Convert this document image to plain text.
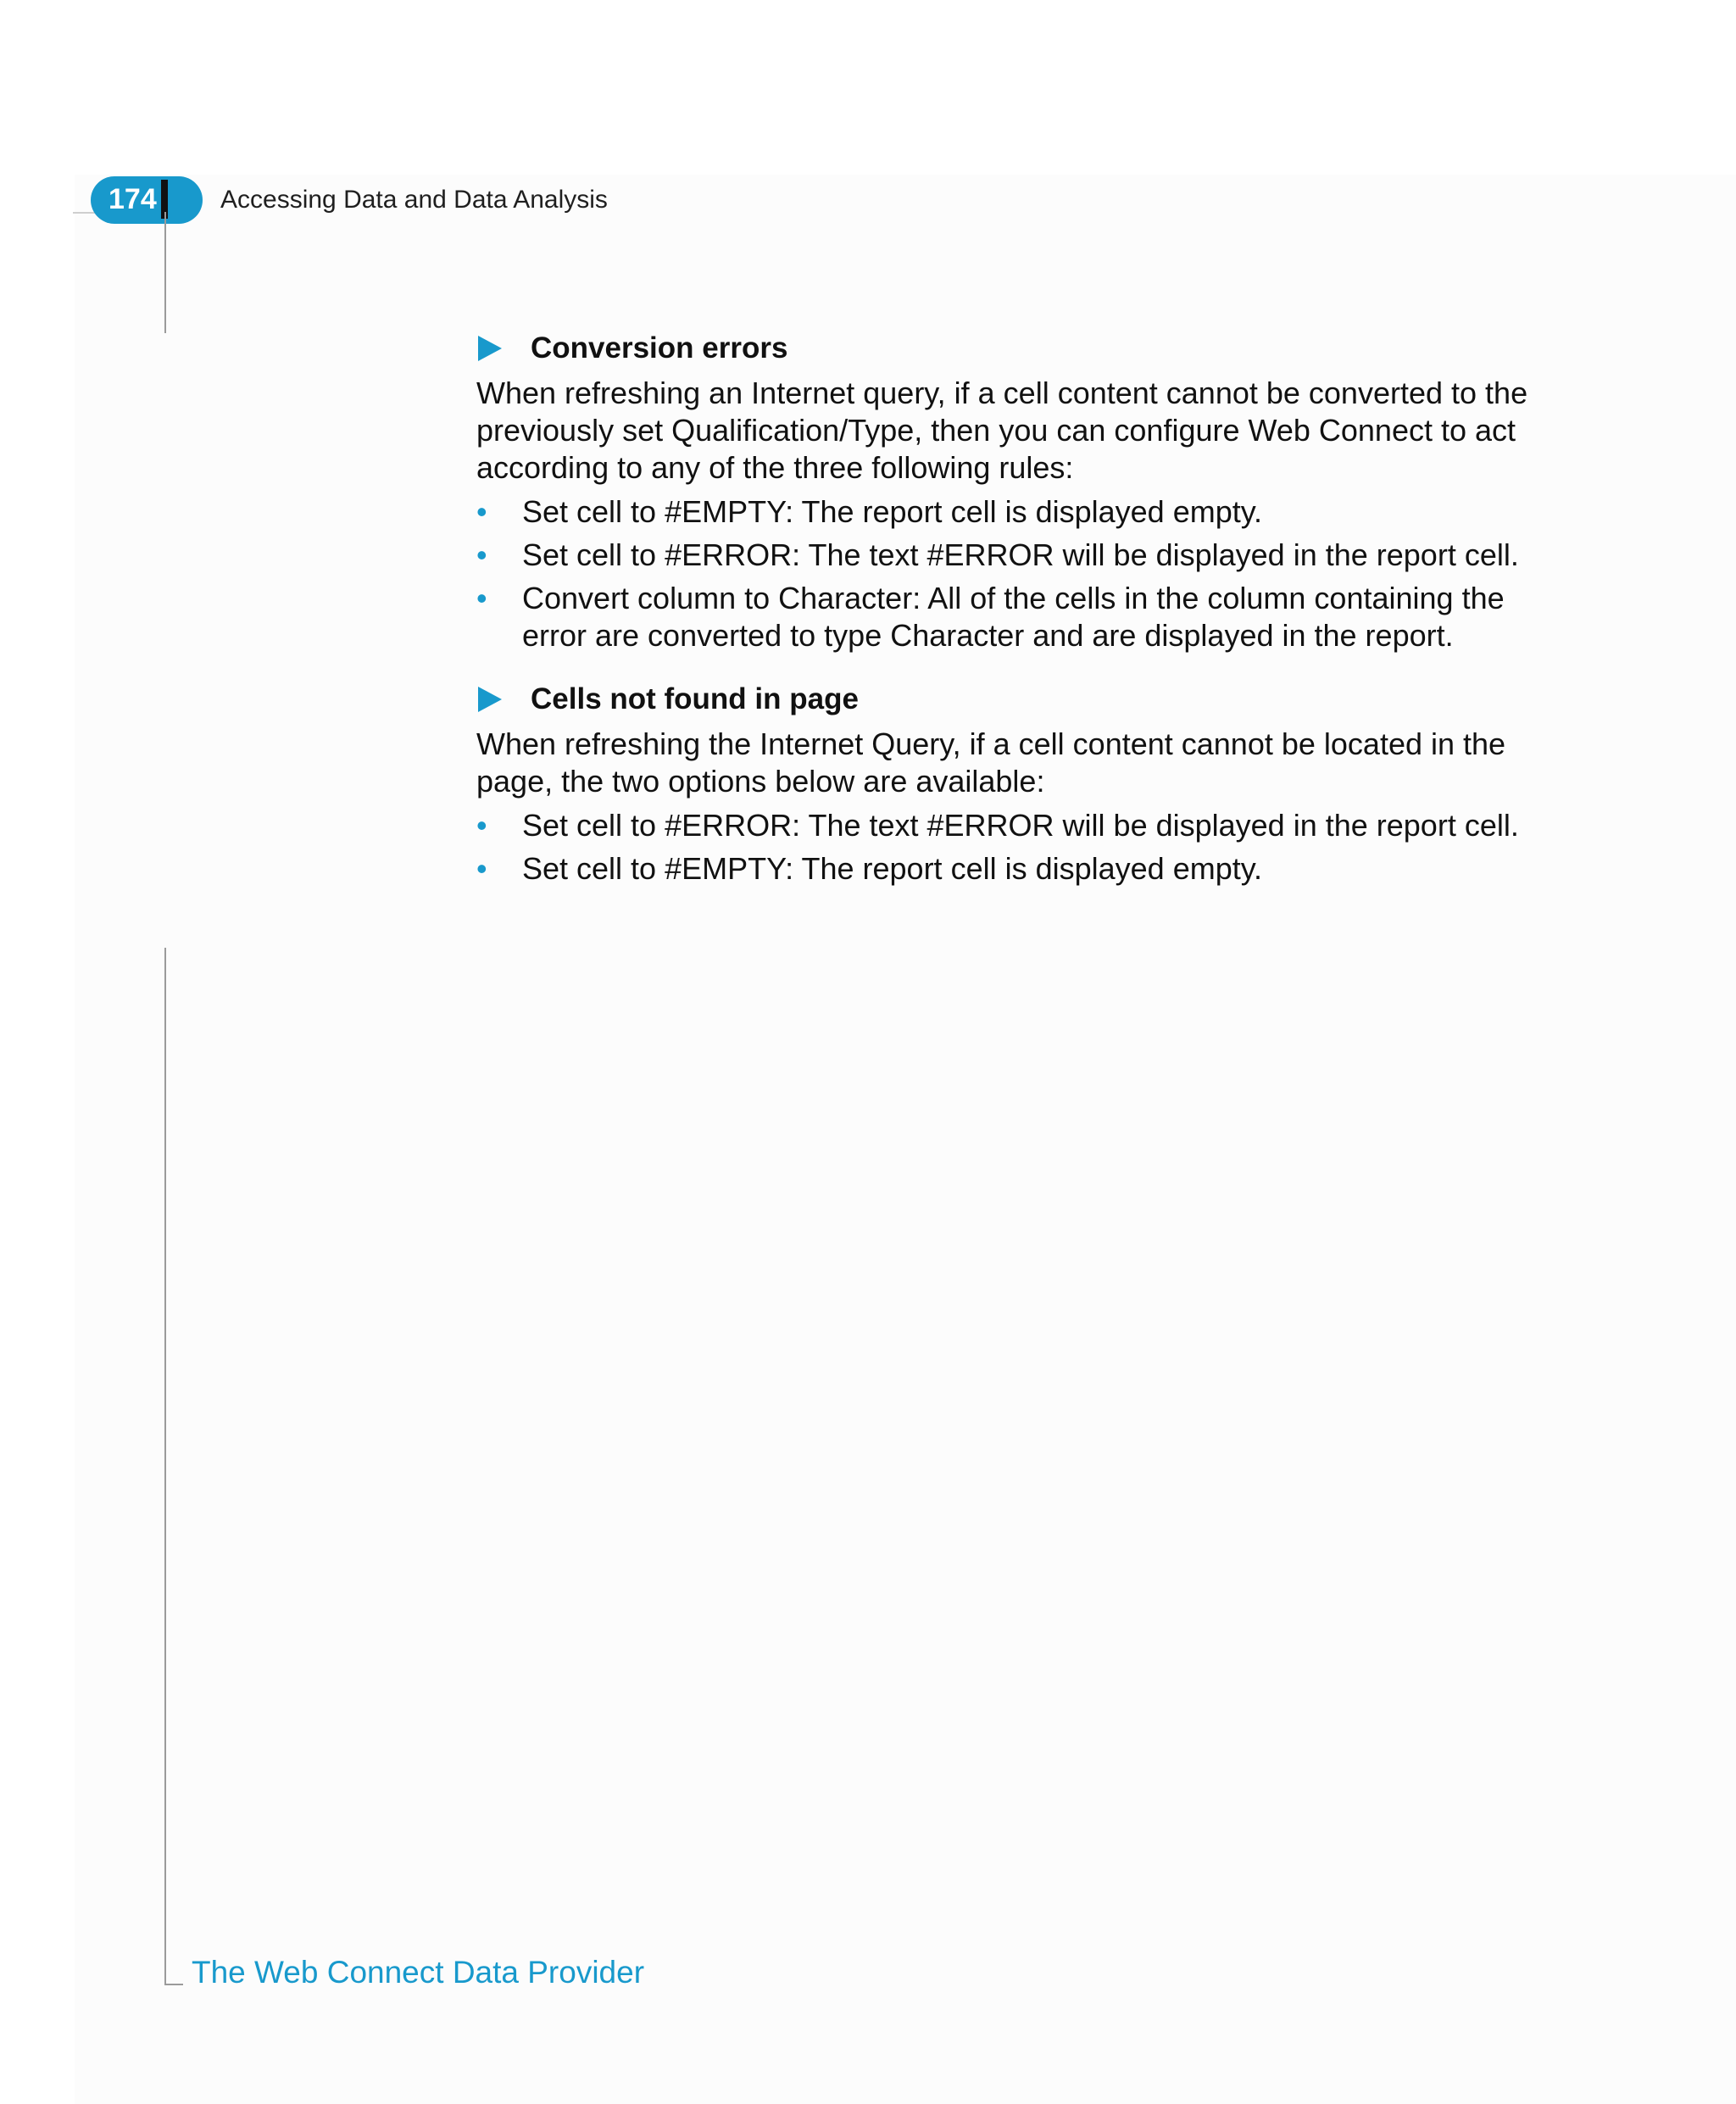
174	Accessing Data and Data Analysis
Conversion errors

When refreshing an Internet query, if a cell content cannot be converted to the previously set Qualification/Type, then you can configure Web Connect to act according to any of the three following rules:

• Set cell to #EMPTY: The report cell is displayed empty.
• Set cell to #ERROR: The text #ERROR will be displayed in the report cell.
• Convert column to Character: All of the cells in the column containing the error are converted to type Character and are displayed in the report.
Cells not found in page

When refreshing the Internet Query, if a cell content cannot be located in the page, the two options below are available:

• Set cell to #ERROR: The text #ERROR will be displayed in the report cell.
• Set cell to #EMPTY: The report cell is displayed empty.
The Web Connect Data Provider
